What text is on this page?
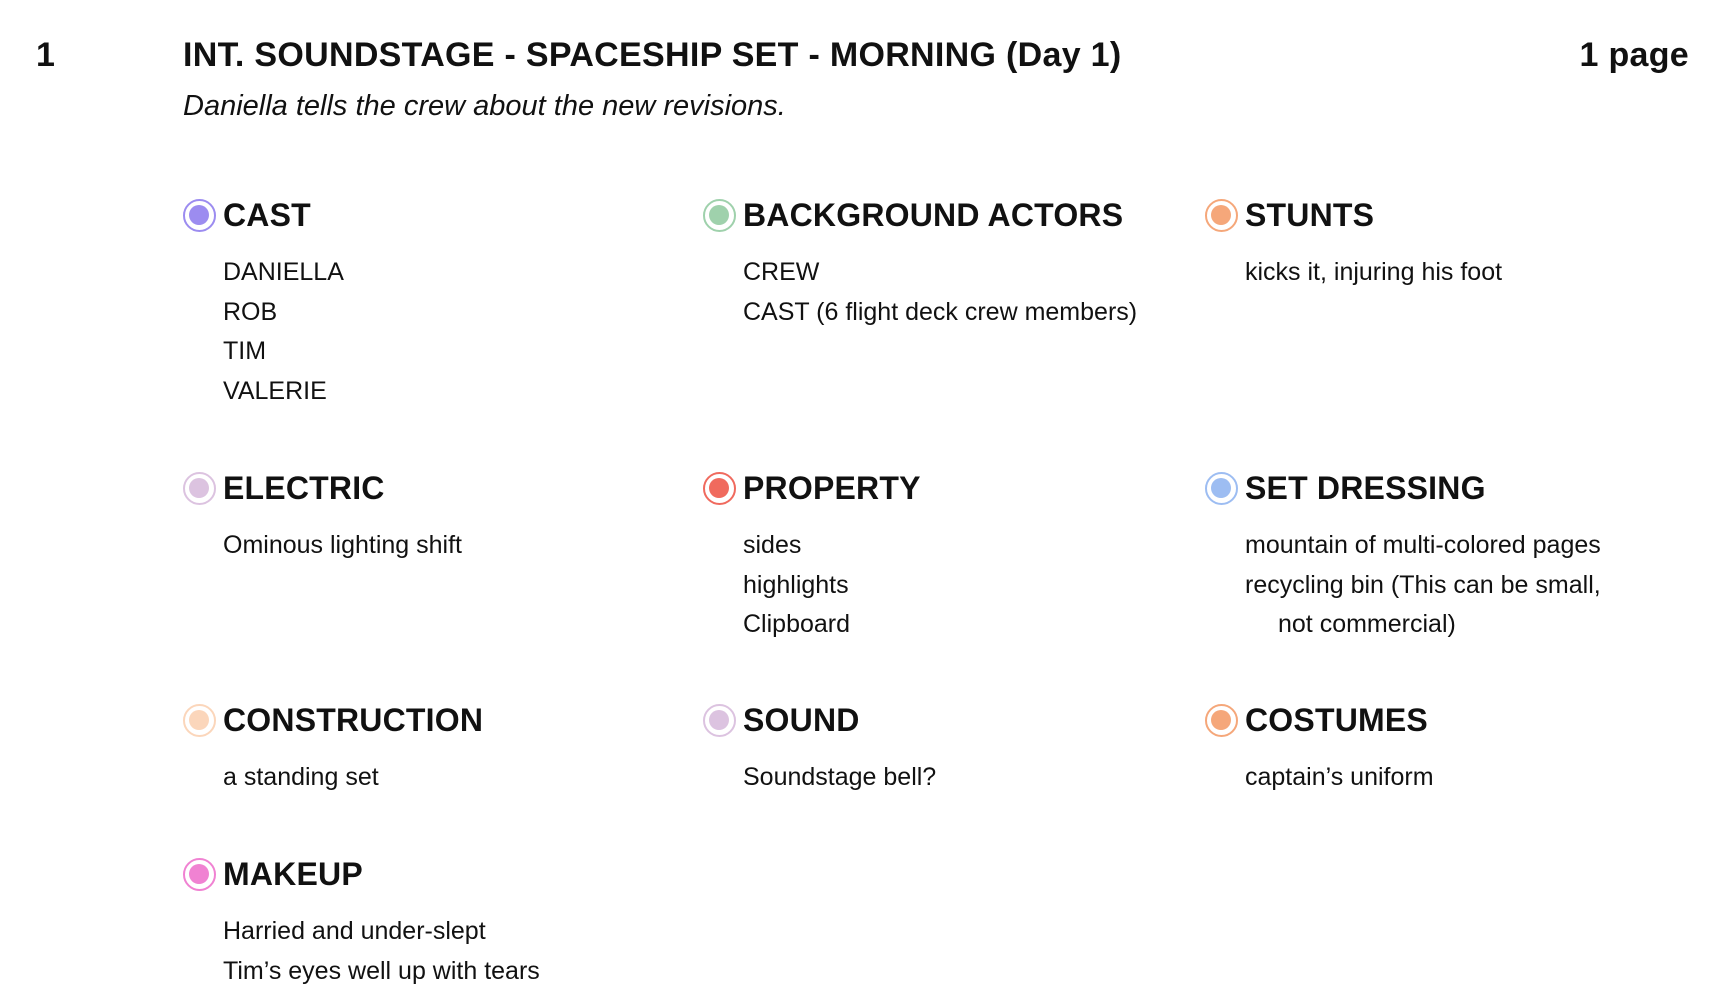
1	INT. SOUNDSTAGE - SPACESHIP SET - MORNING (Day 1)	1 page
Daniella tells the crew about the new revisions.
CAST
DANIELLA
ROB
TIM
VALERIE
BACKGROUND ACTORS
CREW
CAST (6 flight deck crew members)
STUNTS
kicks it, injuring his foot
ELECTRIC
Ominous lighting shift
PROPERTY
sides
highlights
Clipboard
SET DRESSING
mountain of multi-colored pages
recycling bin (This can be small,
not commercial)
CONSTRUCTION
a standing set
SOUND
Soundstage bell?
COSTUMES
captain’s uniform
MAKEUP
Harried and under-slept
Tim’s eyes well up with tears
